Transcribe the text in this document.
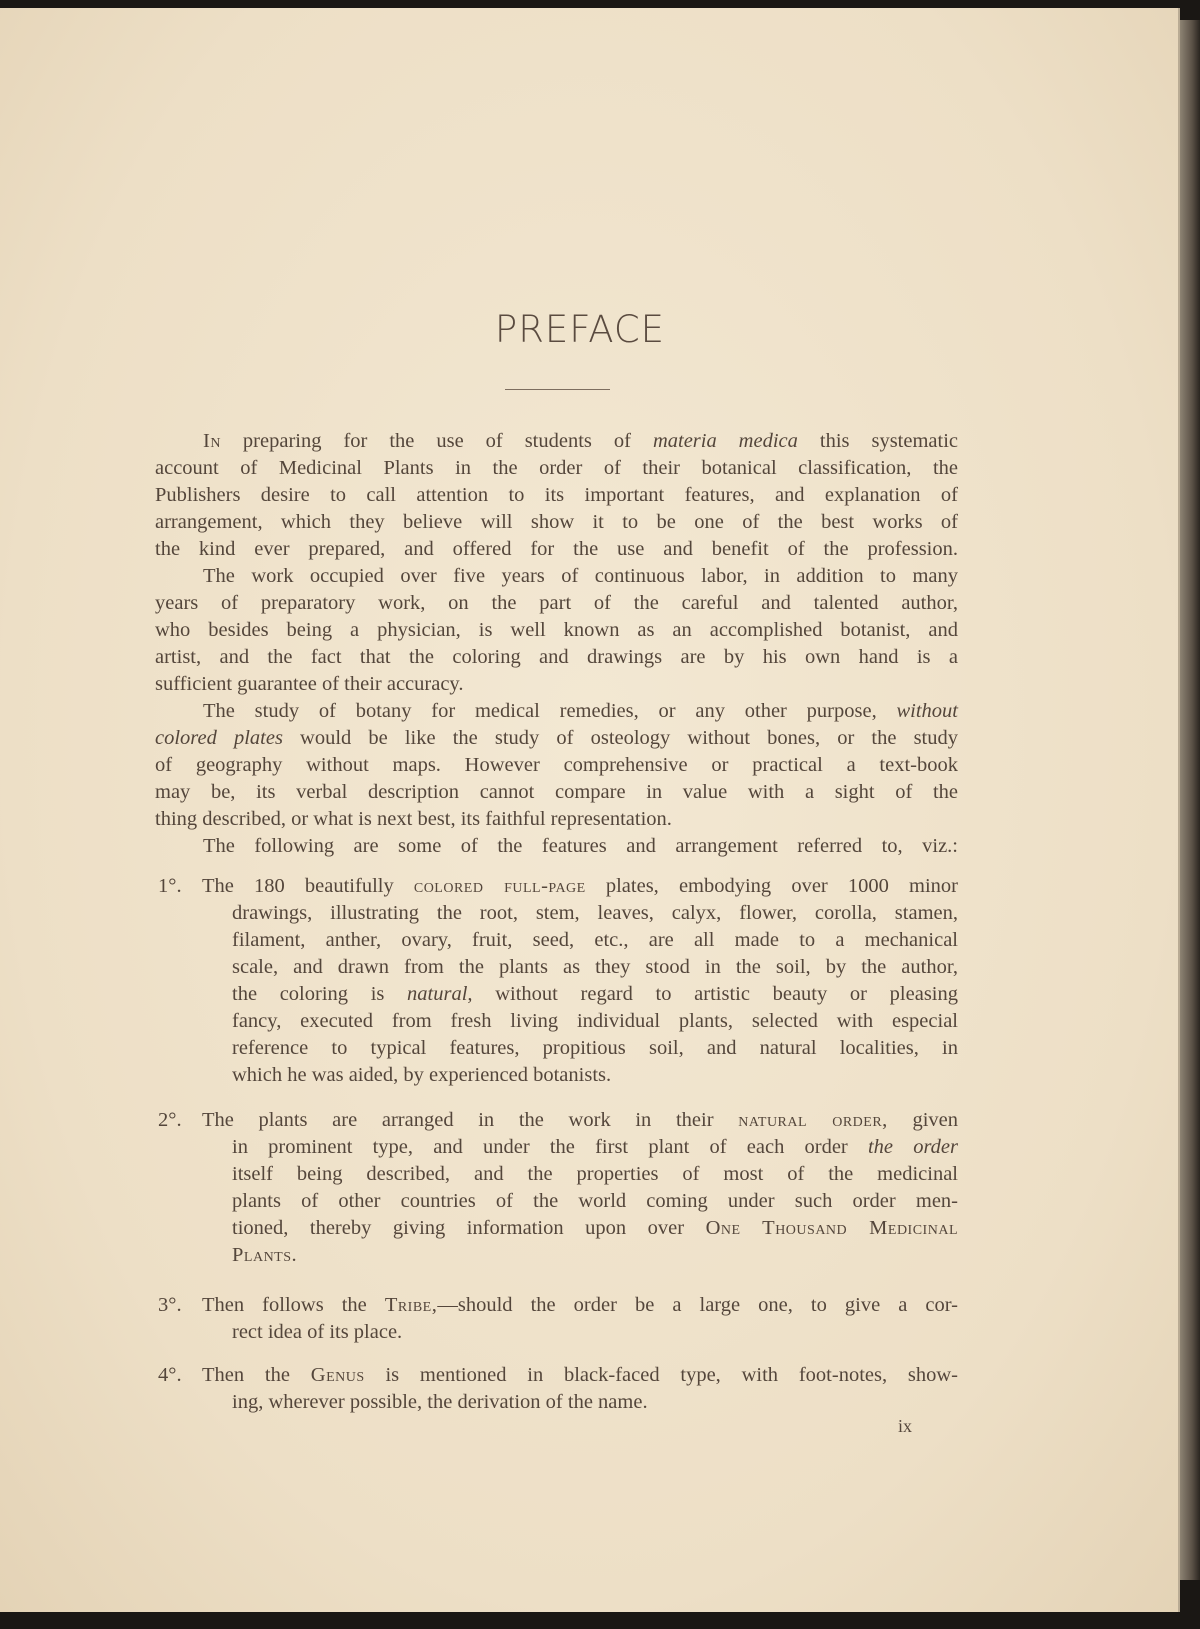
PREFACE
In preparing for the use of students of materia medica this systematic
account of Medicinal Plants in the order of their botanical classification, the
Publishers desire to call attention to its important features, and explanation of
arrangement, which they believe will show it to be one of the best works of
the kind ever prepared, and offered for the use and benefit of the profession.
The work occupied over five years of continuous labor, in addition to many
years of preparatory work, on the part of the careful and talented author,
who besides being a physician, is well known as an accomplished botanist, and
artist, and the fact that the coloring and drawings are by his own hand is a
sufficient guarantee of their accuracy.
The study of botany for medical remedies, or any other purpose, without
colored plates would be like the study of osteology without bones, or the study
of geography without maps. However comprehensive or practical a text-book
may be, its verbal description cannot compare in value with a sight of the
thing described, or what is next best, its faithful representation.
The following are some of the features and arrangement referred to, viz.:
1°. The 180 beautifully colored full-page plates, embodying over 1000 minor
drawings, illustrating the root, stem, leaves, calyx, flower, corolla, stamen,
filament, anther, ovary, fruit, seed, etc., are all made to a mechanical
scale, and drawn from the plants as they stood in the soil, by the author,
the coloring is natural, without regard to artistic beauty or pleasing
fancy, executed from fresh living individual plants, selected with especial
reference to typical features, propitious soil, and natural localities, in
which he was aided, by experienced botanists.
2°. The plants are arranged in the work in their natural order, given
in prominent type, and under the first plant of each order the order
itself being described, and the properties of most of the medicinal
plants of other countries of the world coming under such order men-
tioned, thereby giving information upon over One Thousand Medicinal
Plants.
3°. Then follows the Tribe,—should the order be a large one, to give a cor-
rect idea of its place.
4°. Then the Genus is mentioned in black-faced type, with foot-notes, show-
ing, wherever possible, the derivation of the name.
ix
